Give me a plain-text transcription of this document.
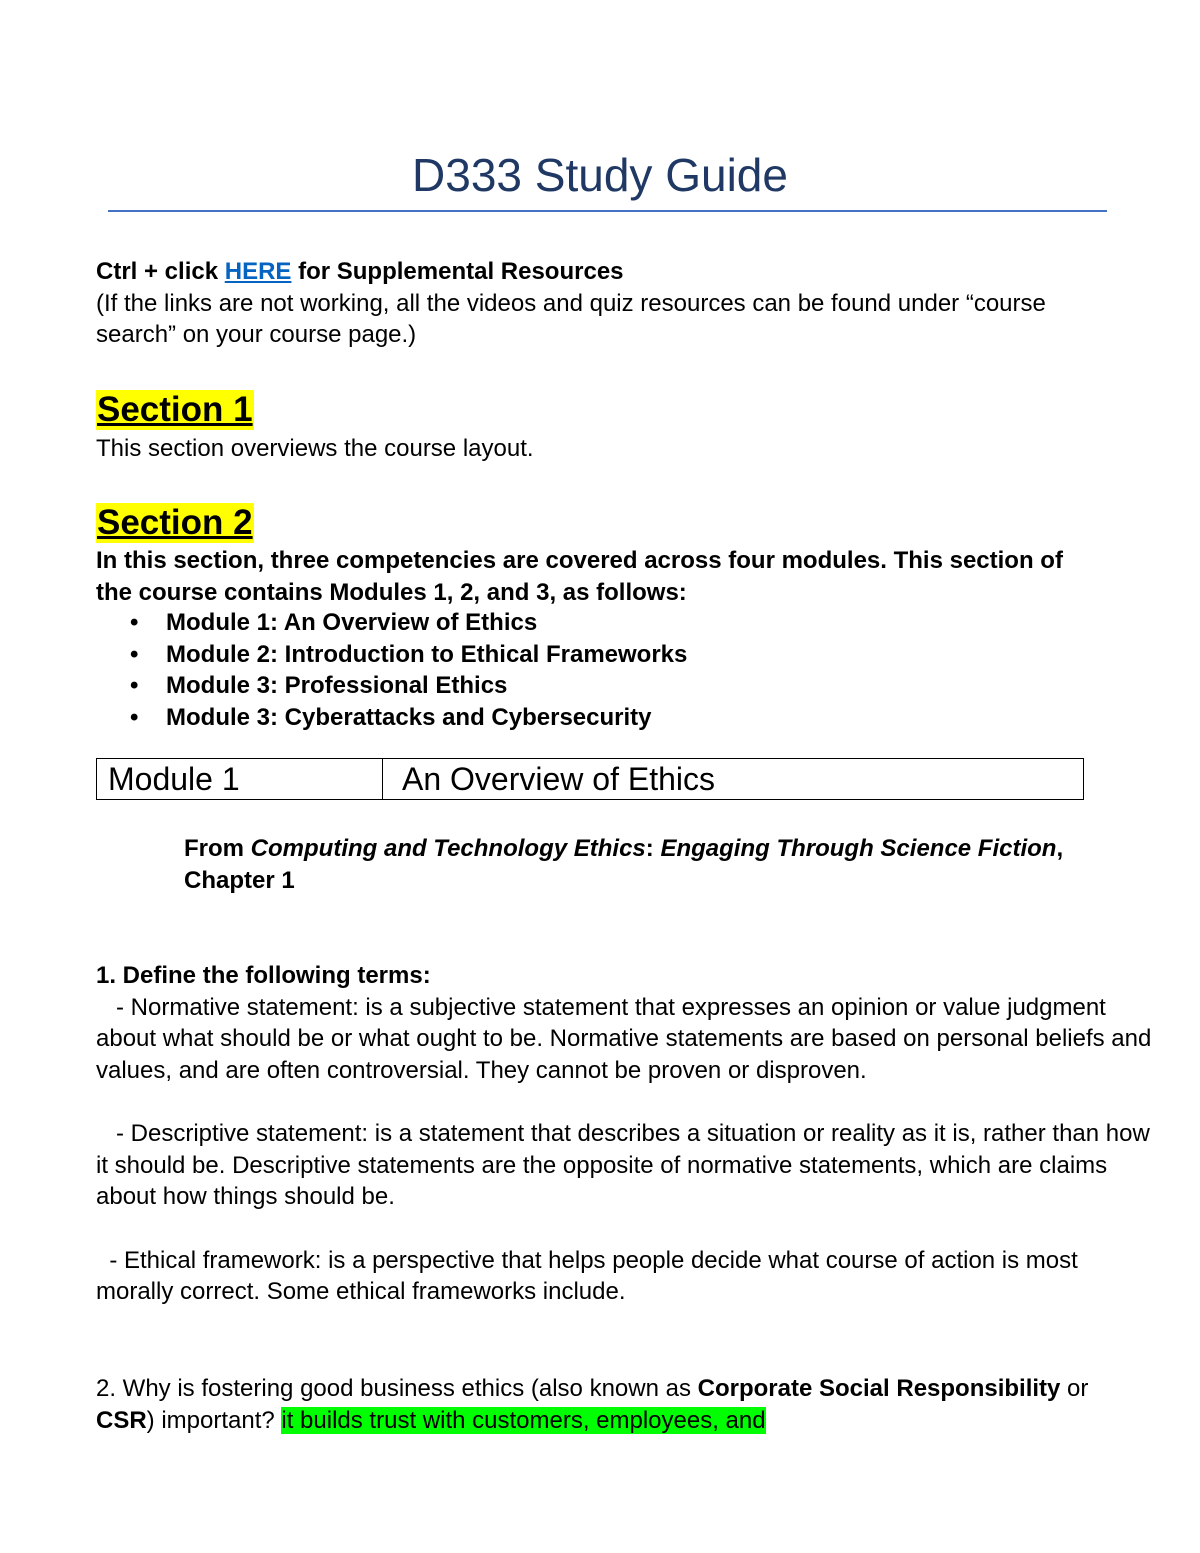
D333 Study Guide
Ctrl + click HERE for Supplemental Resources
(If the links are not working, all the videos and quiz resources can be found under “course search” on your course page.)
Section 1
This section overviews the course layout.
Section 2
In this section, three competencies are covered across four modules. This section of the course contains Modules 1, 2, and 3, as follows:
• Module 1: An Overview of Ethics
• Module 2: Introduction to Ethical Frameworks
• Module 3: Professional Ethics
• Module 3: Cyberattacks and Cybersecurity
Module 1	An Overview of Ethics
From Computing and Technology Ethics: Engaging Through Science Fiction, Chapter 1
1. Define the following terms:
- Normative statement: is a subjective statement that expresses an opinion or value judgment about what should be or what ought to be. Normative statements are based on personal beliefs and values, and are often controversial. They cannot be proven or disproven.
- Descriptive statement: is a statement that describes a situation or reality as it is, rather than how it should be. Descriptive statements are the opposite of normative statements, which are claims about how things should be.
- Ethical framework: is a perspective that helps people decide what course of action is most morally correct. Some ethical frameworks include.
2. Why is fostering good business ethics (also known as Corporate Social Responsibility or CSR) important? it builds trust with customers, employees, and
